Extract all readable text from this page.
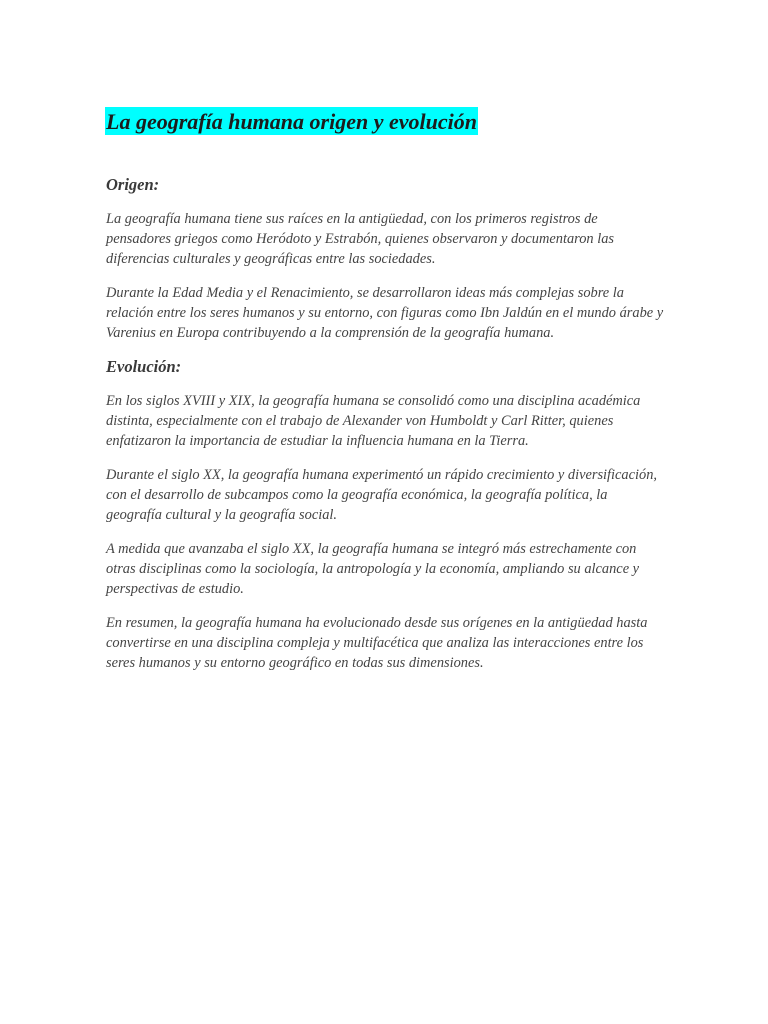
La geografía humana origen y evolución
Origen:

La geografía humana tiene sus raíces en la antigüedad, con los primeros registros de pensadores griegos como Heródoto y Estrabón, quienes observaron y documentaron las diferencias culturales y geográficas entre las sociedades.

Durante la Edad Media y el Renacimiento, se desarrollaron ideas más complejas sobre la relación entre los seres humanos y su entorno, con figuras como Ibn Jaldún en el mundo árabe y Varenius en Europa contribuyendo a la comprensión de la geografía humana.

Evolución:

En los siglos XVIII y XIX, la geografía humana se consolidó como una disciplina académica distinta, especialmente con el trabajo de Alexander von Humboldt y Carl Ritter, quienes enfatizaron la importancia de estudiar la influencia humana en la Tierra.

Durante el siglo XX, la geografía humana experimentó un rápido crecimiento y diversificación, con el desarrollo de subcampos como la geografía económica, la geografía política, la geografía cultural y la geografía social.

A medida que avanzaba el siglo XX, la geografía humana se integró más estrechamente con otras disciplinas como la sociología, la antropología y la economía, ampliando su alcance y perspectivas de estudio.

En resumen, la geografía humana ha evolucionado desde sus orígenes en la antigüedad hasta convertirse en una disciplina compleja y multifacética que analiza las interacciones entre los seres humanos y su entorno geográfico en todas sus dimensiones.
